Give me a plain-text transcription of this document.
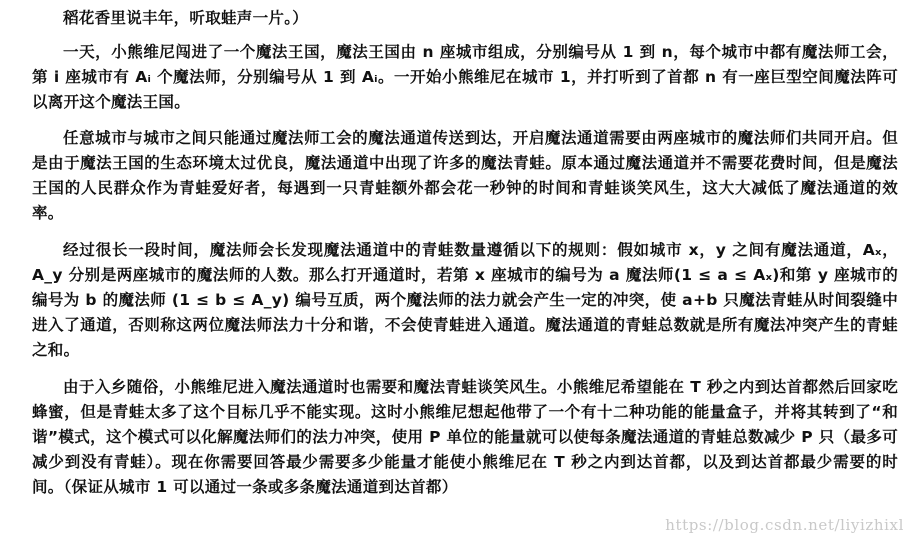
稻花香里说丰年，听取蛙声一片。）

一天，小熊维尼闯进了一个魔法王国，魔法王国由 n 座城市组成，分别编号从 1 到 n，每个城市中都有魔法师工会，第 i 座城市有 Aᵢ 个魔法师，分别编号从 1 到 Aᵢ。一开始小熊维尼在城市 1，并打听到了首都 n 有一座巨型空间魔法阵可以离开这个魔法王国。

任意城市与城市之间只能通过魔法师工会的魔法通道传送到达，开启魔法通道需要由两座城市的魔法师们共同开启。但是由于魔法王国的生态环境太过优良，魔法通道中出现了许多的魔法青蛙。原本通过魔法通道并不需要花费时间，但是魔法王国的人民群众作为青蛙爱好者，每遇到一只青蛙额外都会花一秒钟的时间和青蛙谈笑风生，这大大减低了魔法通道的效率。

经过很长一段时间，魔法师会长发现魔法通道中的青蛙数量遵循以下的规则：假如城市 x，y 之间有魔法通道，Aₓ，A_y 分别是两座城市的魔法师的人数。那么打开通道时，若第 x 座城市的编号为 a 魔法师(1 ≤ a ≤ Aₓ)和第 y 座城市的编号为 b 的魔法师 (1 ≤ b ≤ A_y) 编号互质，两个魔法师的法力就会产生一定的冲突，使 a+b 只魔法青蛙从时间裂缝中进入了通道，否则称这两位魔法师法力十分和谐，不会使青蛙进入通道。魔法通道的青蛙总数就是所有魔法冲突产生的青蛙之和。

由于入乡随俗，小熊维尼进入魔法通道时也需要和魔法青蛙谈笑风生。小熊维尼希望能在 T 秒之内到达首都然后回家吃蜂蜜，但是青蛙太多了这个目标几乎不能实现。这时小熊维尼想起他带了一个有十二种功能的能量盒子，并将其转到了“和谐”模式，这个模式可以化解魔法师们的法力冲突，使用 P 单位的能量就可以使每条魔法通道的青蛙总数减少 P 只（最多可减少到没有青蛙）。现在你需要回答最少需要多少能量才能使小熊维尼在 T 秒之内到达首都，以及到达首都最少需要的时间。（保证从城市 1 可以通过一条或多条魔法通道到达首都）

https://blog.csdn.net/liyizhixl
